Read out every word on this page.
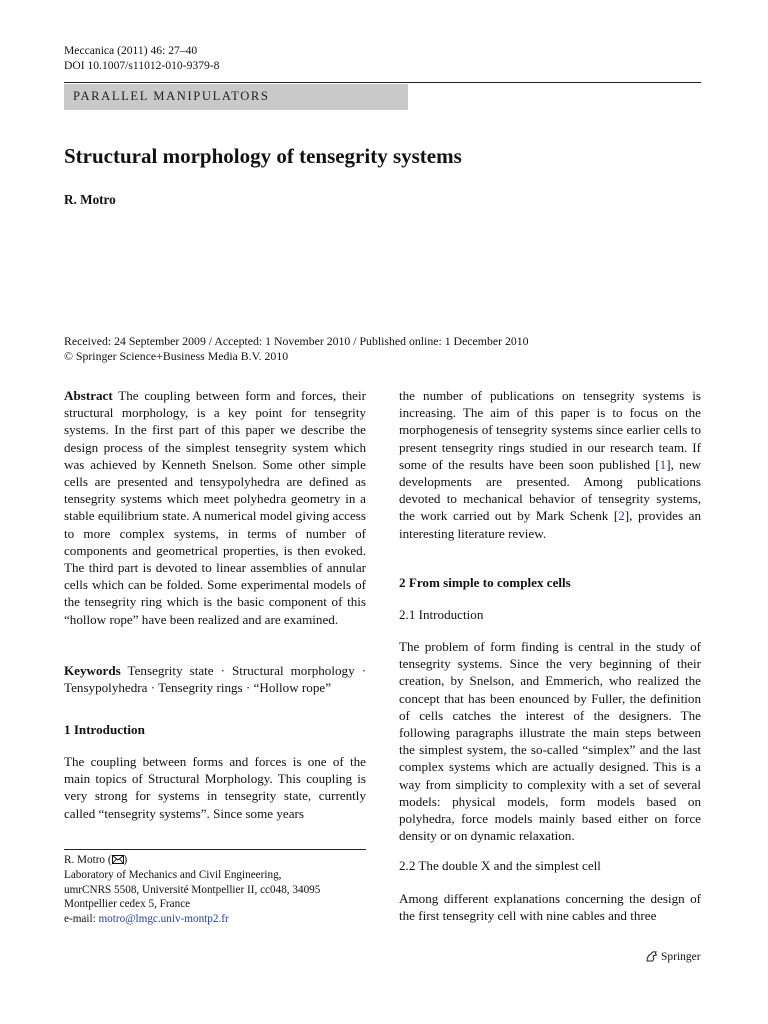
Meccanica (2011) 46: 27–40
DOI 10.1007/s11012-010-9379-8
PARALLEL MANIPULATORS
Structural morphology of tensegrity systems
R. Motro
Received: 24 September 2009 / Accepted: 1 November 2010 / Published online: 1 December 2010
© Springer Science+Business Media B.V. 2010

Abstract The coupling between form and forces, their structural morphology, is a key point for tensegrity systems. In the first part of this paper we describe the design process of the simplest tensegrity system which was achieved by Kenneth Snelson. Some other simple cells are presented and tensypolyhedra are defined as tensegrity systems which meet polyhedra geometry in a stable equilibrium state. A numerical model giving access to more complex systems, in terms of number of components and geometrical properties, is then evoked. The third part is devoted to linear assemblies of annular cells which can be folded. Some experimental models of the tensegrity ring which is the basic component of this “hollow rope” have been realized and are examined.

Keywords Tensegrity state · Structural morphology · Tensypolyhedra · Tensegrity rings · “Hollow rope”

1 Introduction

The coupling between forms and forces is one of the main topics of Structural Morphology. This coupling is very strong for systems in tensegrity state, currently called “tensegrity systems”. Since some years

R. Motro ( )
Laboratory of Mechanics and Civil Engineering,
umrCNRS 5508, Université Montpellier II, cc048, 34095
Montpellier cedex 5, France
e-mail: motro@lmgc.univ-montp2.fr

the number of publications on tensegrity systems is increasing. The aim of this paper is to focus on the morphogenesis of tensegrity systems since earlier cells to present tensegrity rings studied in our research team. If some of the results have been soon published [1], new developments are presented. Among publications devoted to mechanical behavior of tensegrity systems, the work carried out by Mark Schenk [2], provides an interesting literature review.

2 From simple to complex cells
2.1 Introduction

The problem of form finding is central in the study of tensegrity systems. Since the very beginning of their creation, by Snelson, and Emmerich, who realized the concept that has been enounced by Fuller, the definition of cells catches the interest of the designers. The following paragraphs illustrate the main steps between the simplest system, the so-called “simplex” and the last complex systems which are actually designed. This is a way from simplicity to complexity with a set of several models: physical models, form models based on polyhedra, force models mainly based either on force density or on dynamic relaxation.

2.2 The double X and the simplest cell

Among different explanations concerning the design of the first tensegrity cell with nine cables and three

Springer
